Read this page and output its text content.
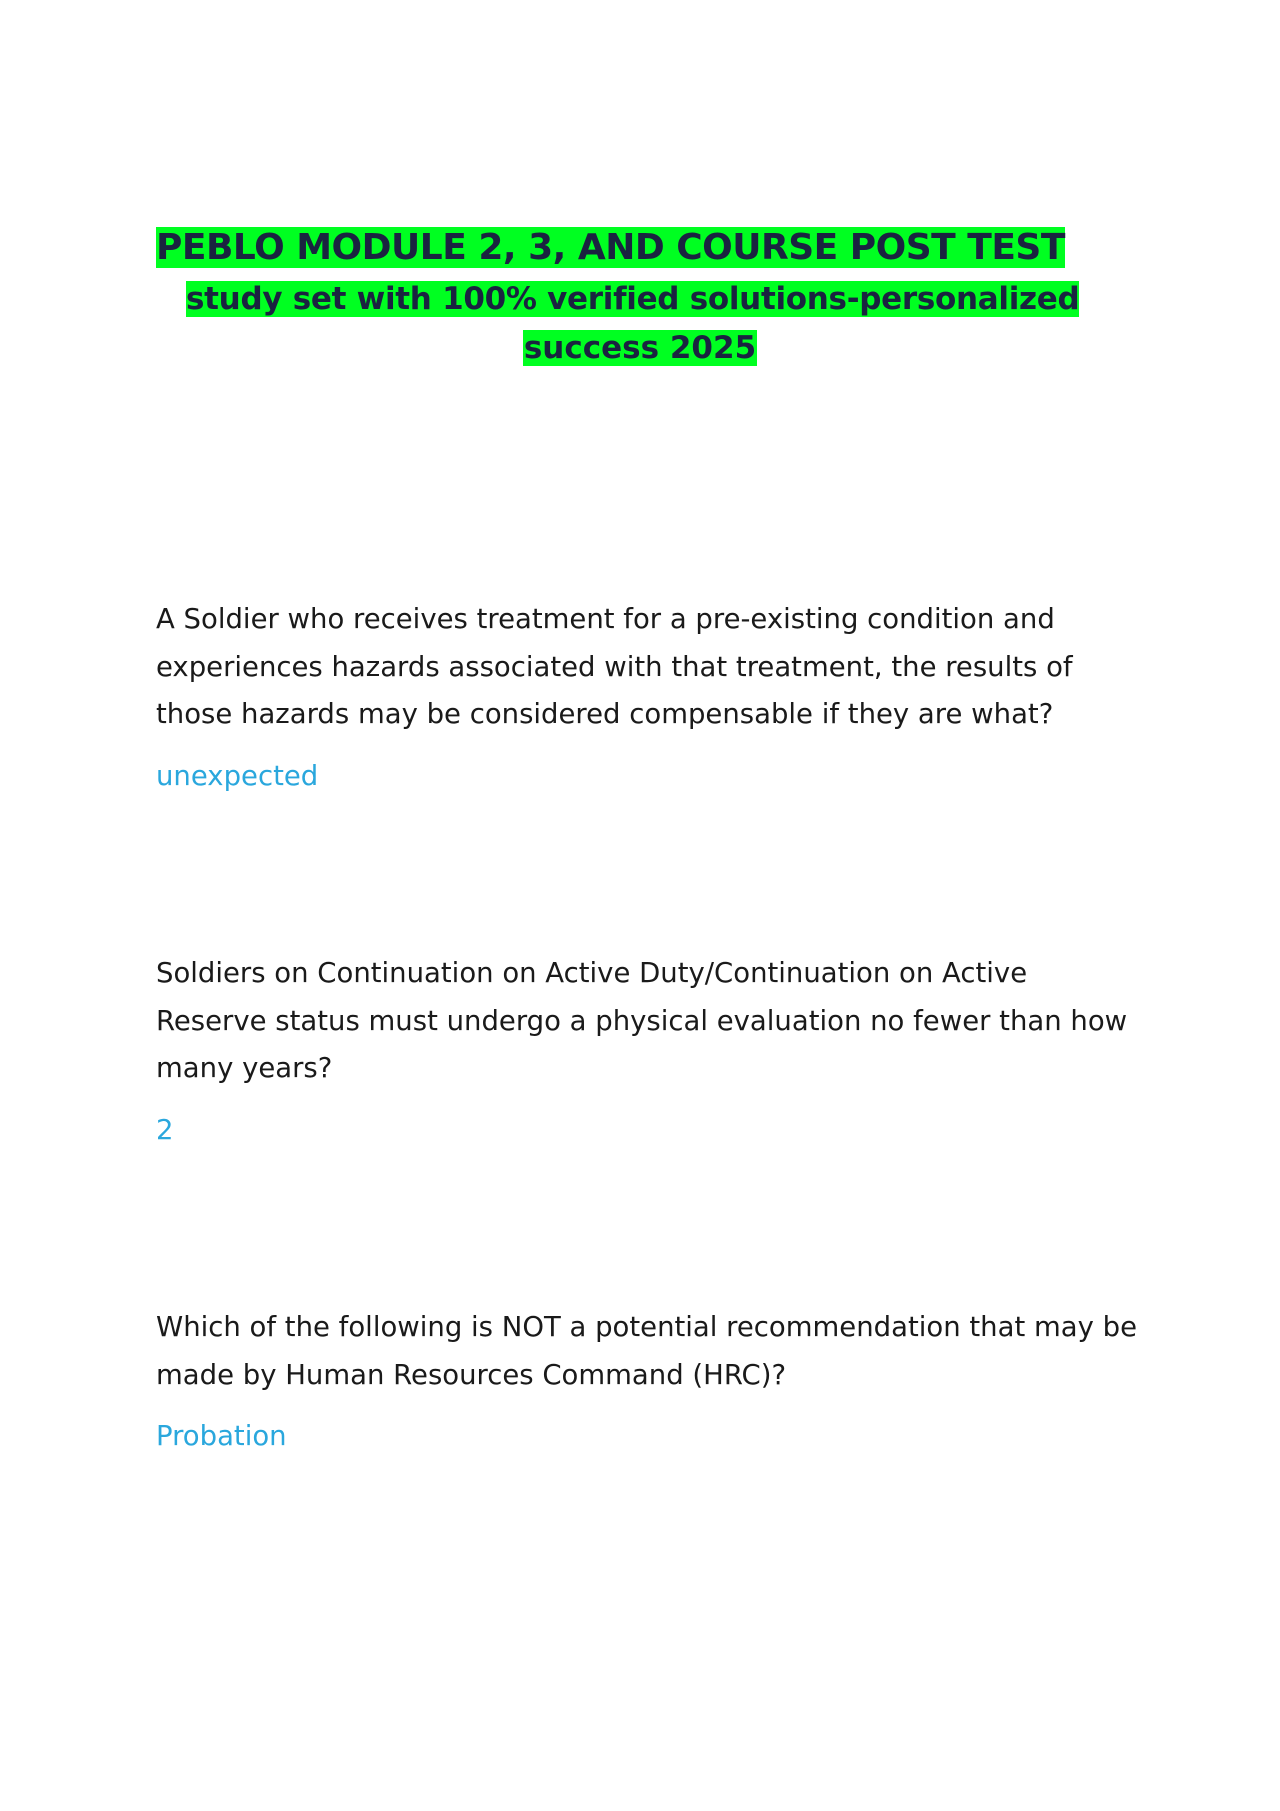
PEBLO MODULE 2, 3, AND COURSE POST TEST
study set with 100% verified solutions-personalized
success 2025

A Soldier who receives treatment for a pre-existing condition and experiences hazards associated with that treatment, the results of those hazards may be considered compensable if they are what?

unexpected

Soldiers on Continuation on Active Duty/Continuation on Active Reserve status must undergo a physical evaluation no fewer than how many years?

2

Which of the following is NOT a potential recommendation that may be made by Human Resources Command (HRC)?

Probation
